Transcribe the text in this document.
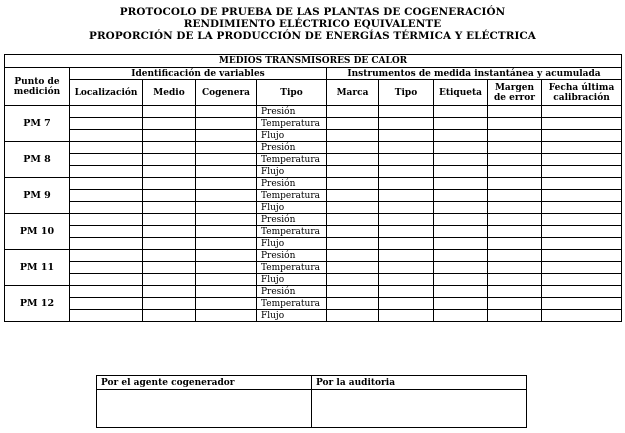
PROTOCOLO DE PRUEBA DE LAS PLANTAS DE COGENERACIÓN
RENDIMIENTO ELÉCTRICO EQUIVALENTE
PROPORCIÓN DE LA PRODUCCIÓN DE ENERGÍAS TÉRMICA Y ELÉCTRICA
MEDIOS TRANSMISORES DE CALOR									
Punto de medición	Identificación de variables				Instrumentos de medida instantánea y acumulada				
	Localización	Medio	Cogenera	Tipo	Marca	Tipo	Etiqueta	Margen de error	Fecha última calibración
PM 7				Presión					
				Temperatura					
				Flujo					
PM 8				Presión					
				Temperatura					
				Flujo					
PM 9				Presión					
				Temperatura					
				Flujo					
PM 10				Presión					
				Temperatura					
				Flujo					
PM 11				Presión					
				Temperatura					
				Flujo					
PM 12				Presión					
				Temperatura					
				Flujo					
Por el agente cogenerador	Por la auditoria
